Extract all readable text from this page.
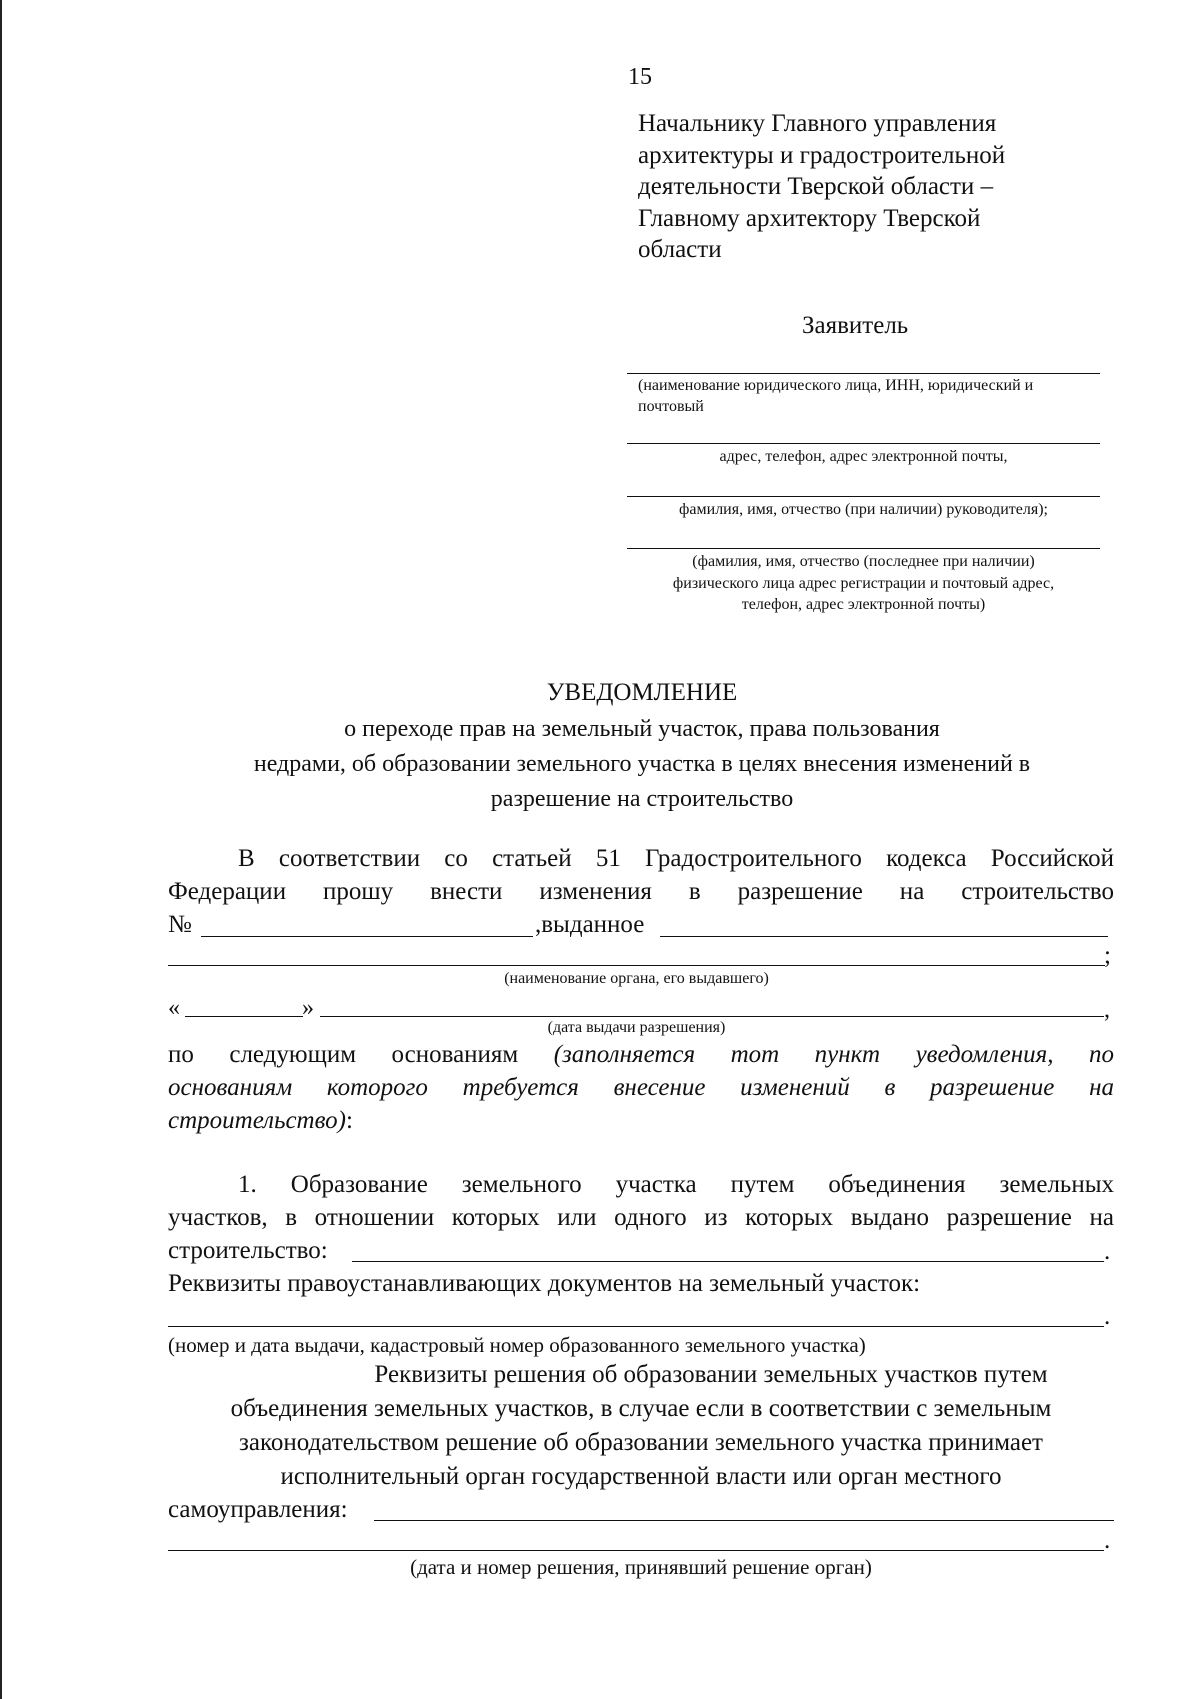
15
Начальнику Главного управления
архитектуры и градостроительной
деятельности Тверской области –
Главному архитектору Тверской
области
Заявитель
(наименование юридического лица, ИНН, юридический и почтовый
адрес, телефон, адрес электронной почты,
фамилия, имя, отчество (при наличии) руководителя);
(фамилия, имя, отчество (последнее при наличии)
физического лица адрес регистрации и почтовый адрес,
телефон, адрес электронной почты)
УВЕДОМЛЕНИЕ
о переходе прав на земельный участок, права пользования
недрами, об образовании земельного участка в целях внесения изменений в
разрешение на строительство
В соответствии со статьей 51 Градостроительного кодекса Российской
Федерации прошу внести изменения в разрешение на строительство
№	,выданное
;
(наименование органа, его выдавшего)
«	»	,
(дата выдачи разрешения)
по следующим основаниям (заполняется тот пункт уведомления, по
основаниям которого требуется внесение изменений в разрешение на
строительство):
1. Образование земельного участка путем объединения земельных
участков, в отношении которых или одного из которых выдано разрешение на
строительство:	.
Реквизиты правоустанавливающих документов на земельный участок:
.
(номер и дата выдачи, кадастровый номер образованного земельного участка)
Реквизиты решения об образовании земельных участков путем
объединения земельных участков, в случае если в соответствии с земельным
законодательством решение об образовании земельного участка принимает
исполнительный орган государственной власти или орган местного
самоуправления:
.
(дата и номер решения, принявший решение орган)
